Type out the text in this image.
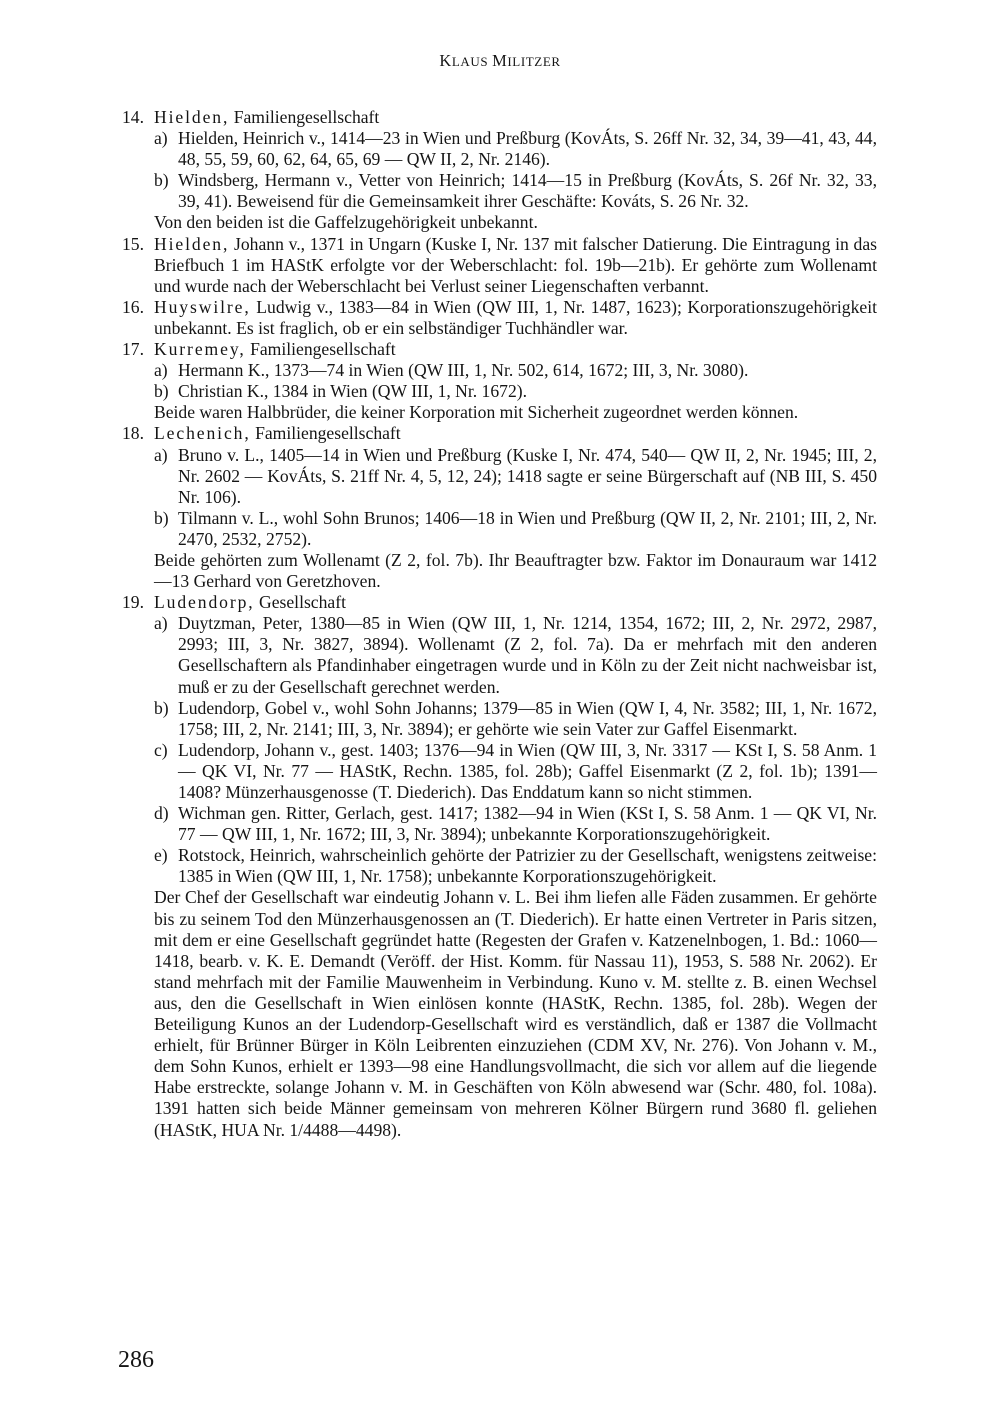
KLAUS MILITZER
14. Hielden, Familiengesellschaft
a) Hielden, Heinrich v., 1414—23 in Wien und Preßburg (KovÁts, S. 26ff Nr. 32, 34, 39—41, 43, 44, 48, 55, 59, 60, 62, 64, 65, 69 — QW II, 2, Nr. 2146).
b) Windsberg, Hermann v., Vetter von Heinrich; 1414—15 in Preßburg (KovÁts, S. 26f Nr. 32, 33, 39, 41). Beweisend für die Gemeinsamkeit ihrer Geschäfte: Kováts, S. 26 Nr. 32.
Von den beiden ist die Gaffelzugehörigkeit unbekannt.
15. Hielden, Johann v., 1371 in Ungarn (Kuske I, Nr. 137 mit falscher Datierung. Die Eintragung in das Briefbuch 1 im HAStK erfolgte vor der Weberschlacht: fol. 19b—21b). Er gehörte zum Wollenamt und wurde nach der Weberschlacht bei Verlust seiner Liegenschaften verbannt.
16. Huyswilre, Ludwig v., 1383—84 in Wien (QW III, 1, Nr. 1487, 1623); Korporationszugehörigkeit unbekannt. Es ist fraglich, ob er ein selbständiger Tuchhändler war.
17. Kurremey, Familiengesellschaft
a) Hermann K., 1373—74 in Wien (QW III, 1, Nr. 502, 614, 1672; III, 3, Nr. 3080).
b) Christian K., 1384 in Wien (QW III, 1, Nr. 1672).
Beide waren Halbbrüder, die keiner Korporation mit Sicherheit zugeordnet werden können.
18. Lechenich, Familiengesellschaft
a) Bruno v. L., 1405—14 in Wien und Preßburg (Kuske I, Nr. 474, 540— QW II, 2, Nr. 1945; III, 2, Nr. 2602 — KovÁts, S. 21ff Nr. 4, 5, 12, 24); 1418 sagte er seine Bürgerschaft auf (NB III, S. 450 Nr. 106).
b) Tilmann v. L., wohl Sohn Brunos; 1406—18 in Wien und Preßburg (QW II, 2, Nr. 2101; III, 2, Nr. 2470, 2532, 2752).
Beide gehörten zum Wollenamt (Z 2, fol. 7b). Ihr Beauftragter bzw. Faktor im Donauraum war 1412—13 Gerhard von Geretzhoven.
19. Ludendorp, Gesellschaft
a) Duytzman, Peter, 1380—85 in Wien (QW III, 1, Nr. 1214, 1354, 1672; III, 2, Nr. 2972, 2987, 2993; III, 3, Nr. 3827, 3894). Wollenamt (Z 2, fol. 7a). Da er mehrfach mit den anderen Gesellschaftern als Pfandinhaber eingetragen wurde und in Köln zu der Zeit nicht nachweisbar ist, muß er zu der Gesellschaft gerechnet werden.
b) Ludendorp, Gobel v., wohl Sohn Johanns; 1379—85 in Wien (QW I, 4, Nr. 3582; III, 1, Nr. 1672, 1758; III, 2, Nr. 2141; III, 3, Nr. 3894); er gehörte wie sein Vater zur Gaffel Eisenmarkt.
c) Ludendorp, Johann v., gest. 1403; 1376—94 in Wien (QW III, 3, Nr. 3317 — KSt I, S. 58 Anm. 1 — QK VI, Nr. 77 — HAStK, Rechn. 1385, fol. 28b); Gaffel Eisenmarkt (Z 2, fol. 1b); 1391—1408? Münzerhausgenosse (T. Diederich). Das Enddatum kann so nicht stimmen.
d) Wichman gen. Ritter, Gerlach, gest. 1417; 1382—94 in Wien (KSt I, S. 58 Anm. 1 — QK VI, Nr. 77 — QW III, 1, Nr. 1672; III, 3, Nr. 3894); unbekannte Korporationszugehörigkeit.
e) Rotstock, Heinrich, wahrscheinlich gehörte der Patrizier zu der Gesellschaft, wenigstens zeitweise: 1385 in Wien (QW III, 1, Nr. 1758); unbekannte Korporationszugehörigkeit.
Der Chef der Gesellschaft war eindeutig Johann v. L. Bei ihm liefen alle Fäden zusammen. Er gehörte bis zu seinem Tod den Münzerhausgenossen an (T. Diederich). Er hatte einen Vertreter in Paris sitzen, mit dem er eine Gesellschaft gegründet hatte (Regesten der Grafen v. Katzenelnbogen, 1. Bd.: 1060—1418, bearb. v. K. E. Demandt (Veröff. der Hist. Komm. für Nassau 11), 1953, S. 588 Nr. 2062). Er stand mehrfach mit der Familie Mauwenheim in Verbindung. Kuno v. M. stellte z. B. einen Wechsel aus, den die Gesellschaft in Wien einlösen konnte (HAStK, Rechn. 1385, fol. 28b). Wegen der Beteiligung Kunos an der Ludendorp-Gesellschaft wird es verständlich, daß er 1387 die Vollmacht erhielt, für Brünner Bürger in Köln Leibrenten einzuziehen (CDM XV, Nr. 276). Von Johann v. M., dem Sohn Kunos, erhielt er 1393—98 eine Handlungsvollmacht, die sich vor allem auf die liegende Habe erstreckte, solange Johann v. M. in Geschäften von Köln abwesend war (Schr. 480, fol. 108a). 1391 hatten sich beide Männer gemeinsam von mehreren Kölner Bürgern rund 3680 fl. geliehen (HAStK, HUA Nr. 1/4488—4498).
286
